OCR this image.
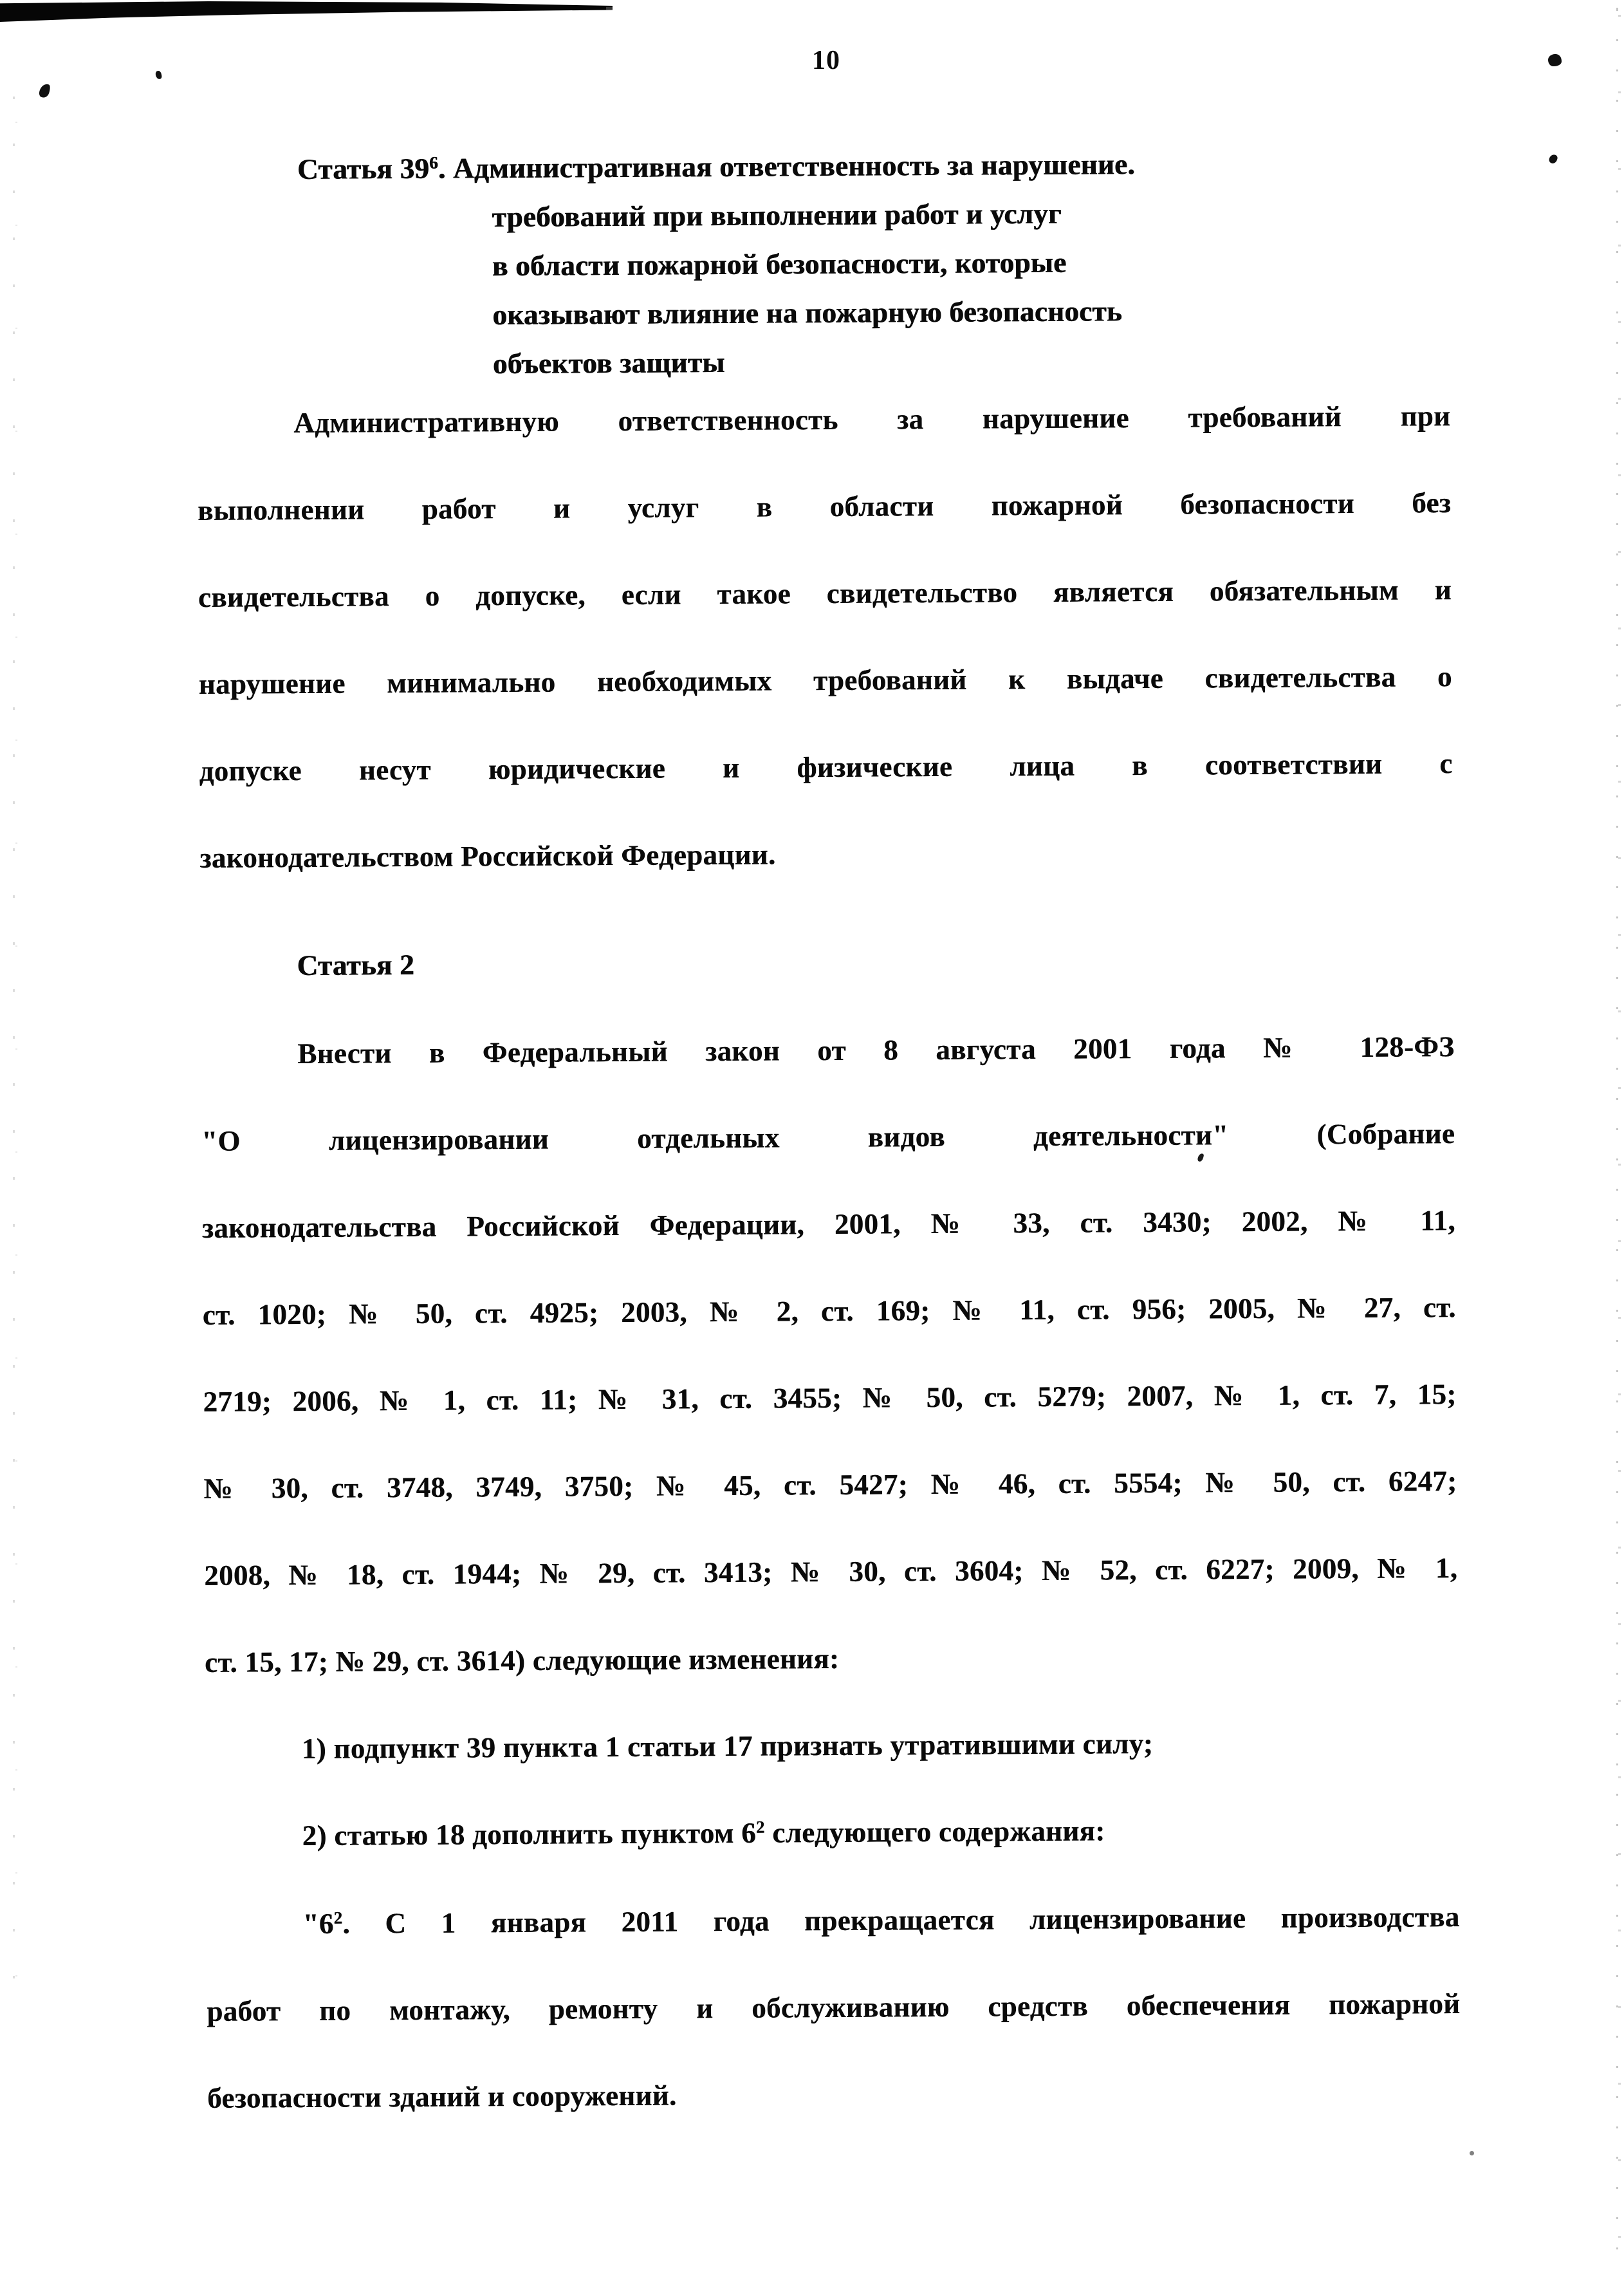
10
Статья $39^6$. Административная ответственность за нарушение.
требований при выполнении работ и услуг
в области пожарной безопасности, которые
оказывают влияние на пожарную безопасность
объектов защиты
Административную ответственность за нарушение требований при
выполнении работ и услуг в области пожарной безопасности без
свидетельства о допуске, если такое свидетельство является обязательным и
нарушение минимально необходимых требований к выдаче свидетельства о
допуске несут юридические и физические лица в соответствии с
законодательством Российской Федерации.
Статья 2
Внести в Федеральный закон от 8 августа 2001 года № 128-ФЗ
"О лицензировании отдельных видов деятельности" (Собрание
законодательства Российской Федерации, 2001, № 33, ст. 3430; 2002, № 11,
ст. 1020; № 50, ст. 4925; 2003, № 2, ст. 169; № 11, ст. 956; 2005, № 27, ст.
2719; 2006, № 1, ст. 11; № 31, ст. 3455; № 50, ст. 5279; 2007, № 1, ст. 7, 15;
№ 30, ст. 3748, 3749, 3750; № 45, ст. 5427; № 46, ст. 5554; № 50, ст. 6247;
2008, № 18, ст. 1944; № 29, ст. 3413; № 30, ст. 3604; № 52, ст. 6227; 2009, № 1,
ст. 15, 17; № 29, ст. 3614) следующие изменения:
1) подпункт 39 пункта 1 статьи 17 признать утратившими силу;
2) статью 18 дополнить пунктом $6^2$ следующего содержания:
"$6^2$. С 1 января 2011 года прекращается лицензирование производства
работ по монтажу, ремонту и обслуживанию средств обеспечения пожарной
безопасности зданий и сооружений.
